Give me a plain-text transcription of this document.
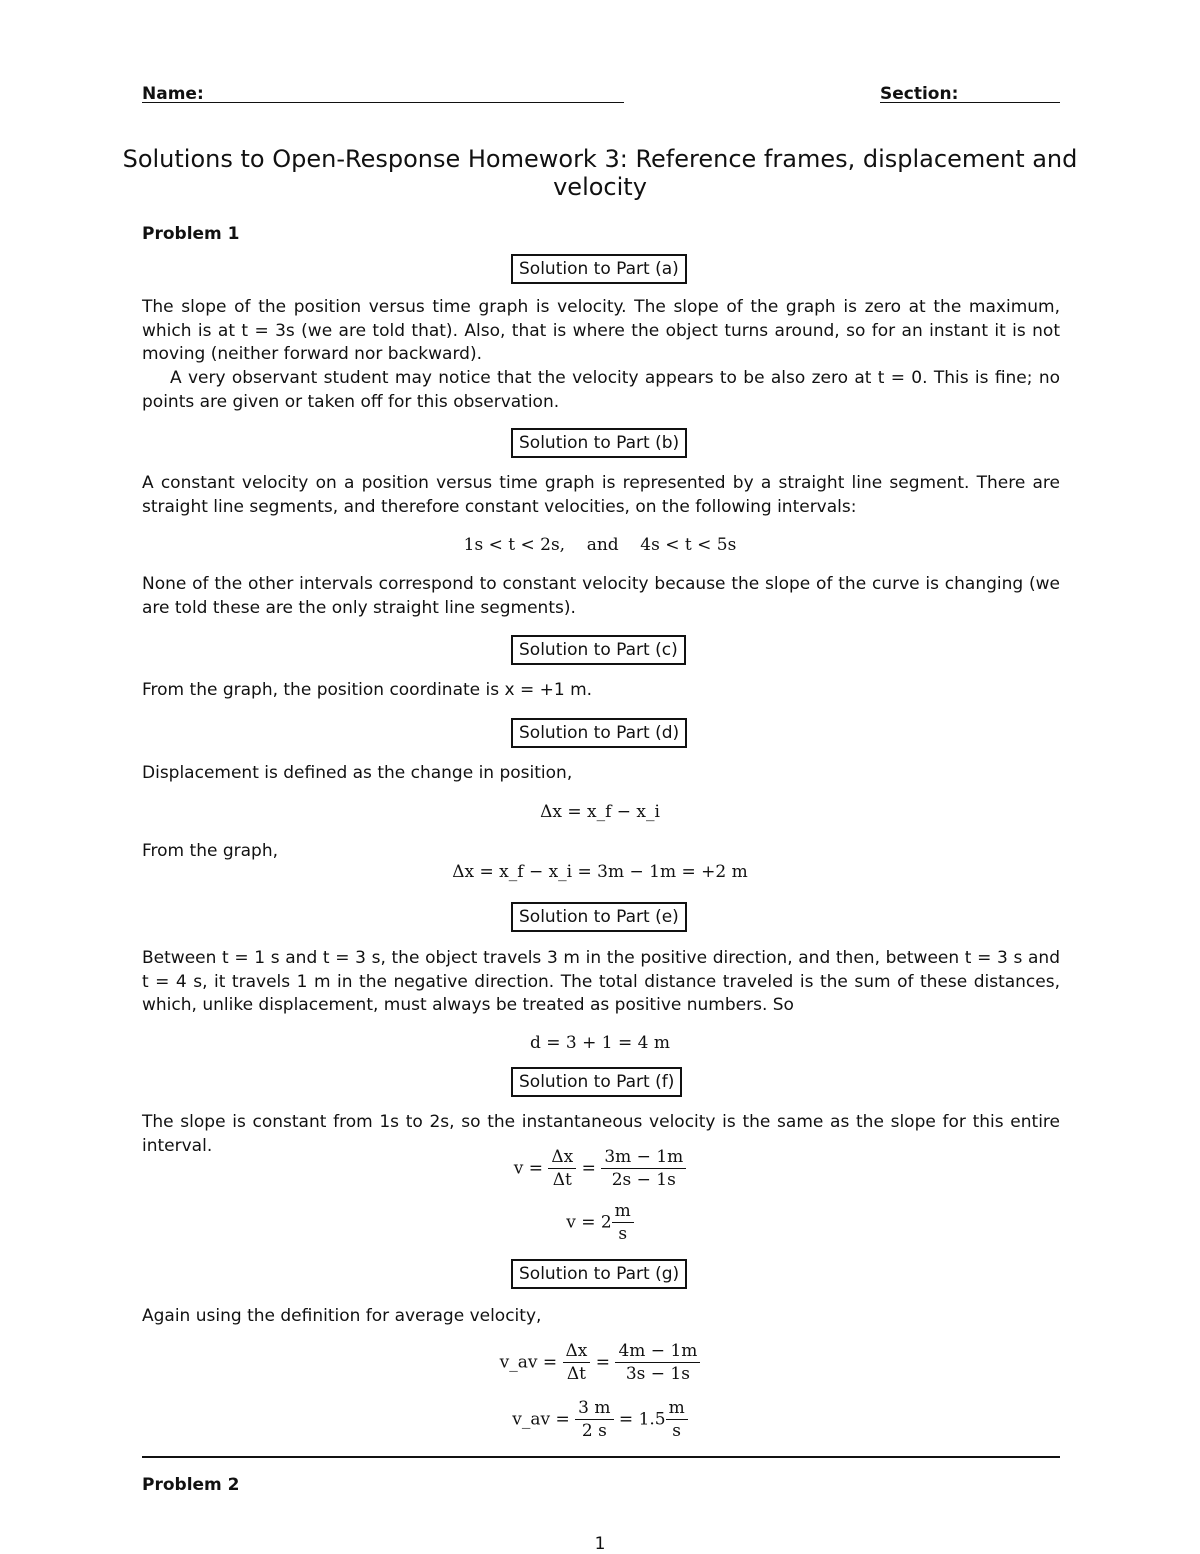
Name:	Section:
Solutions to Open-Response Homework 3: Reference frames, displacement and
velocity
Problem 1
Solution to Part (a)
The slope of the position versus time graph is velocity. The slope of the graph is zero at the maximum, which is at t = 3s (we are told that). Also, that is where the object turns around, so for an instant it is not moving (neither forward nor backward).
A very observant student may notice that the velocity appears to be also zero at t = 0. This is fine; no points are given or taken off for this observation.
Solution to Part (b)
A constant velocity on a position versus time graph is represented by a straight line segment. There are straight line segments, and therefore constant velocities, on the following intervals:
1s < t < 2s,    and    4s < t < 5s
None of the other intervals correspond to constant velocity because the slope of the curve is changing (we are told these are the only straight line segments).
Solution to Part (c)
From the graph, the position coordinate is x = +1 m.
Solution to Part (d)
Displacement is defined as the change in position,
Δx = x_f − x_i
From the graph,
Δx = x_f − x_i = 3m − 1m = +2 m
Solution to Part (e)
Between t = 1 s and t = 3 s, the object travels 3 m in the positive direction, and then, between t = 3 s and t = 4 s, it travels 1 m in the negative direction. The total distance traveled is the sum of these distances, which, unlike displacement, must always be treated as positive numbers. So
d = 3 + 1 = 4 m
Solution to Part (f)
The slope is constant from 1s to 2s, so the instantaneous velocity is the same as the slope for this entire interval.
$v = \frac{\Delta x}{\Delta t} = \frac{3m - 1m}{2s - 1s}$
$v = 2 \frac{m}{s}$
Solution to Part (g)
Again using the definition for average velocity,
v_av = $\frac{\Delta x}{\Delta t} = \frac{4m - 1m}{3s - 1s}$
v_av = $\frac{3 m}{2 s} = 1.5 \frac{m}{s}$
Problem 2
1
